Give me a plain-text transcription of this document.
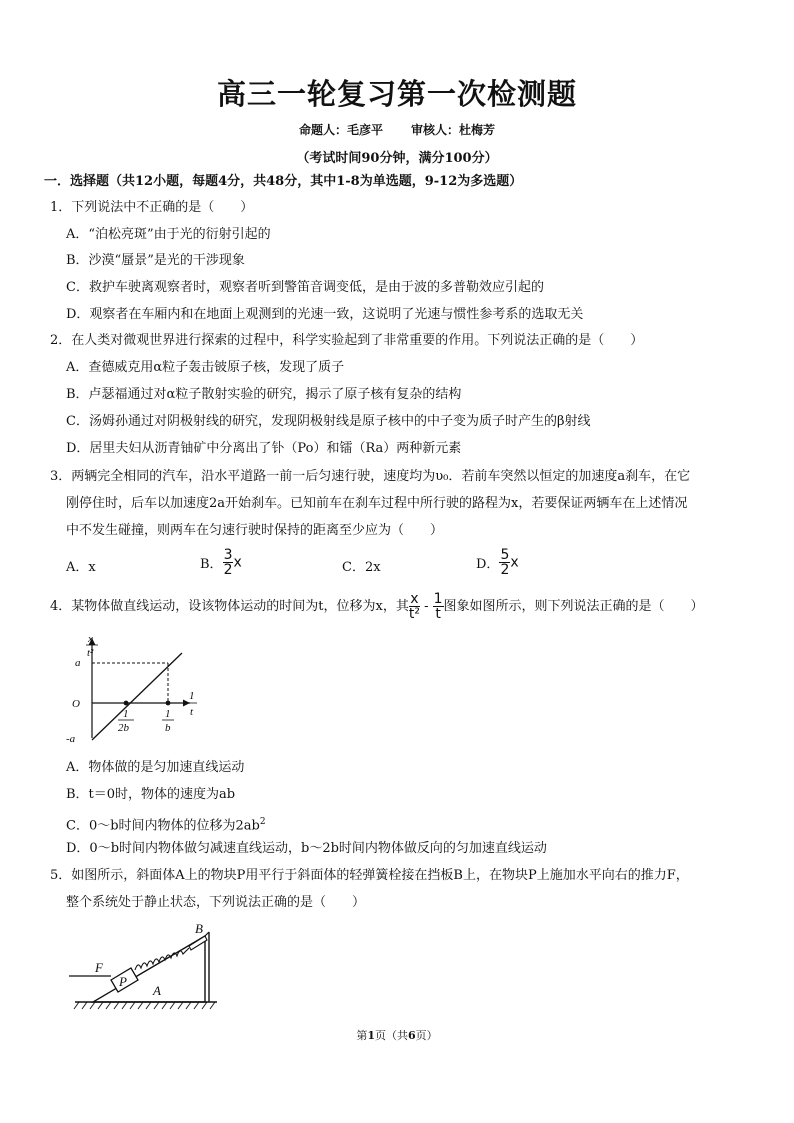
高三一轮复习第一次检测题
命题人：毛彦平 审核人：杜梅芳
（考试时间90分钟，满分100分）
一．选择题（共12小题，每题4分，共48分，其中1-8为单选题，9-12为多选题）
1．下列说法中不正确的是（　　）
A．“泊松亮斑”由于光的衍射引起的
B．沙漠“蜃景”是光的干涉现象
C．救护车驶离观察者时，观察者听到警笛音调变低，是由于波的多普勒效应引起的
D．观察者在车厢内和在地面上观测到的光速一致，这说明了光速与惯性参考系的选取无关
2．在人类对微观世界进行探索的过程中，科学实验起到了非常重要的作用。下列说法正确的是（　　）
A．查德威克用α粒子轰击铍原子核，发现了质子
B．卢瑟福通过对α粒子散射实验的研究，揭示了原子核有复杂的结构
C．汤姆孙通过对阴极射线的研究，发现阴极射线是原子核中的中子变为质子时产生的β射线
D．居里夫妇从沥青铀矿中分离出了钋（Po）和镭（Ra）两种新元素
3．两辆完全相同的汽车，沿水平道路一前一后匀速行驶，速度均为υ₀．若前车突然以恒定的加速度a刹车，在它
刚停住时，后车以加速度2a开始刹车。已知前车在刹车过程中所行驶的路程为x，若要保证两辆车在上述情况
中不发生碰撞，则两车在匀速行驶时保持的距离至少应为（　　）
A．x	B． $\frac{3}{2}$ x	C．2x	D． $\frac{5}{2}$ x
4．某物体做直线运动，设该物体运动的时间为t，位移为x，其 $\frac{x}{\text{t²}} - \frac{1}{t}$ 图象如图所示，则下列说法正确的是（　　）
x
t²
a
O
-a
1
t
1
2b
1
b
A．物体做的是匀加速直线运动
B．t＝0时，物体的速度为ab
C．0～b时间内物体的位移为$2ab^2$
D．0～b时间内物体做匀减速直线运动，b～2b时间内物体做反向的匀加速直线运动
5．如图所示，斜面体A上的物块P用平行于斜面体的轻弹簧栓接在挡板B上，在物块P上施加水平向右的推力F，
整个系统处于静止状态，下列说法正确的是（　　）
F
P
A
B
第1页（共6页）
